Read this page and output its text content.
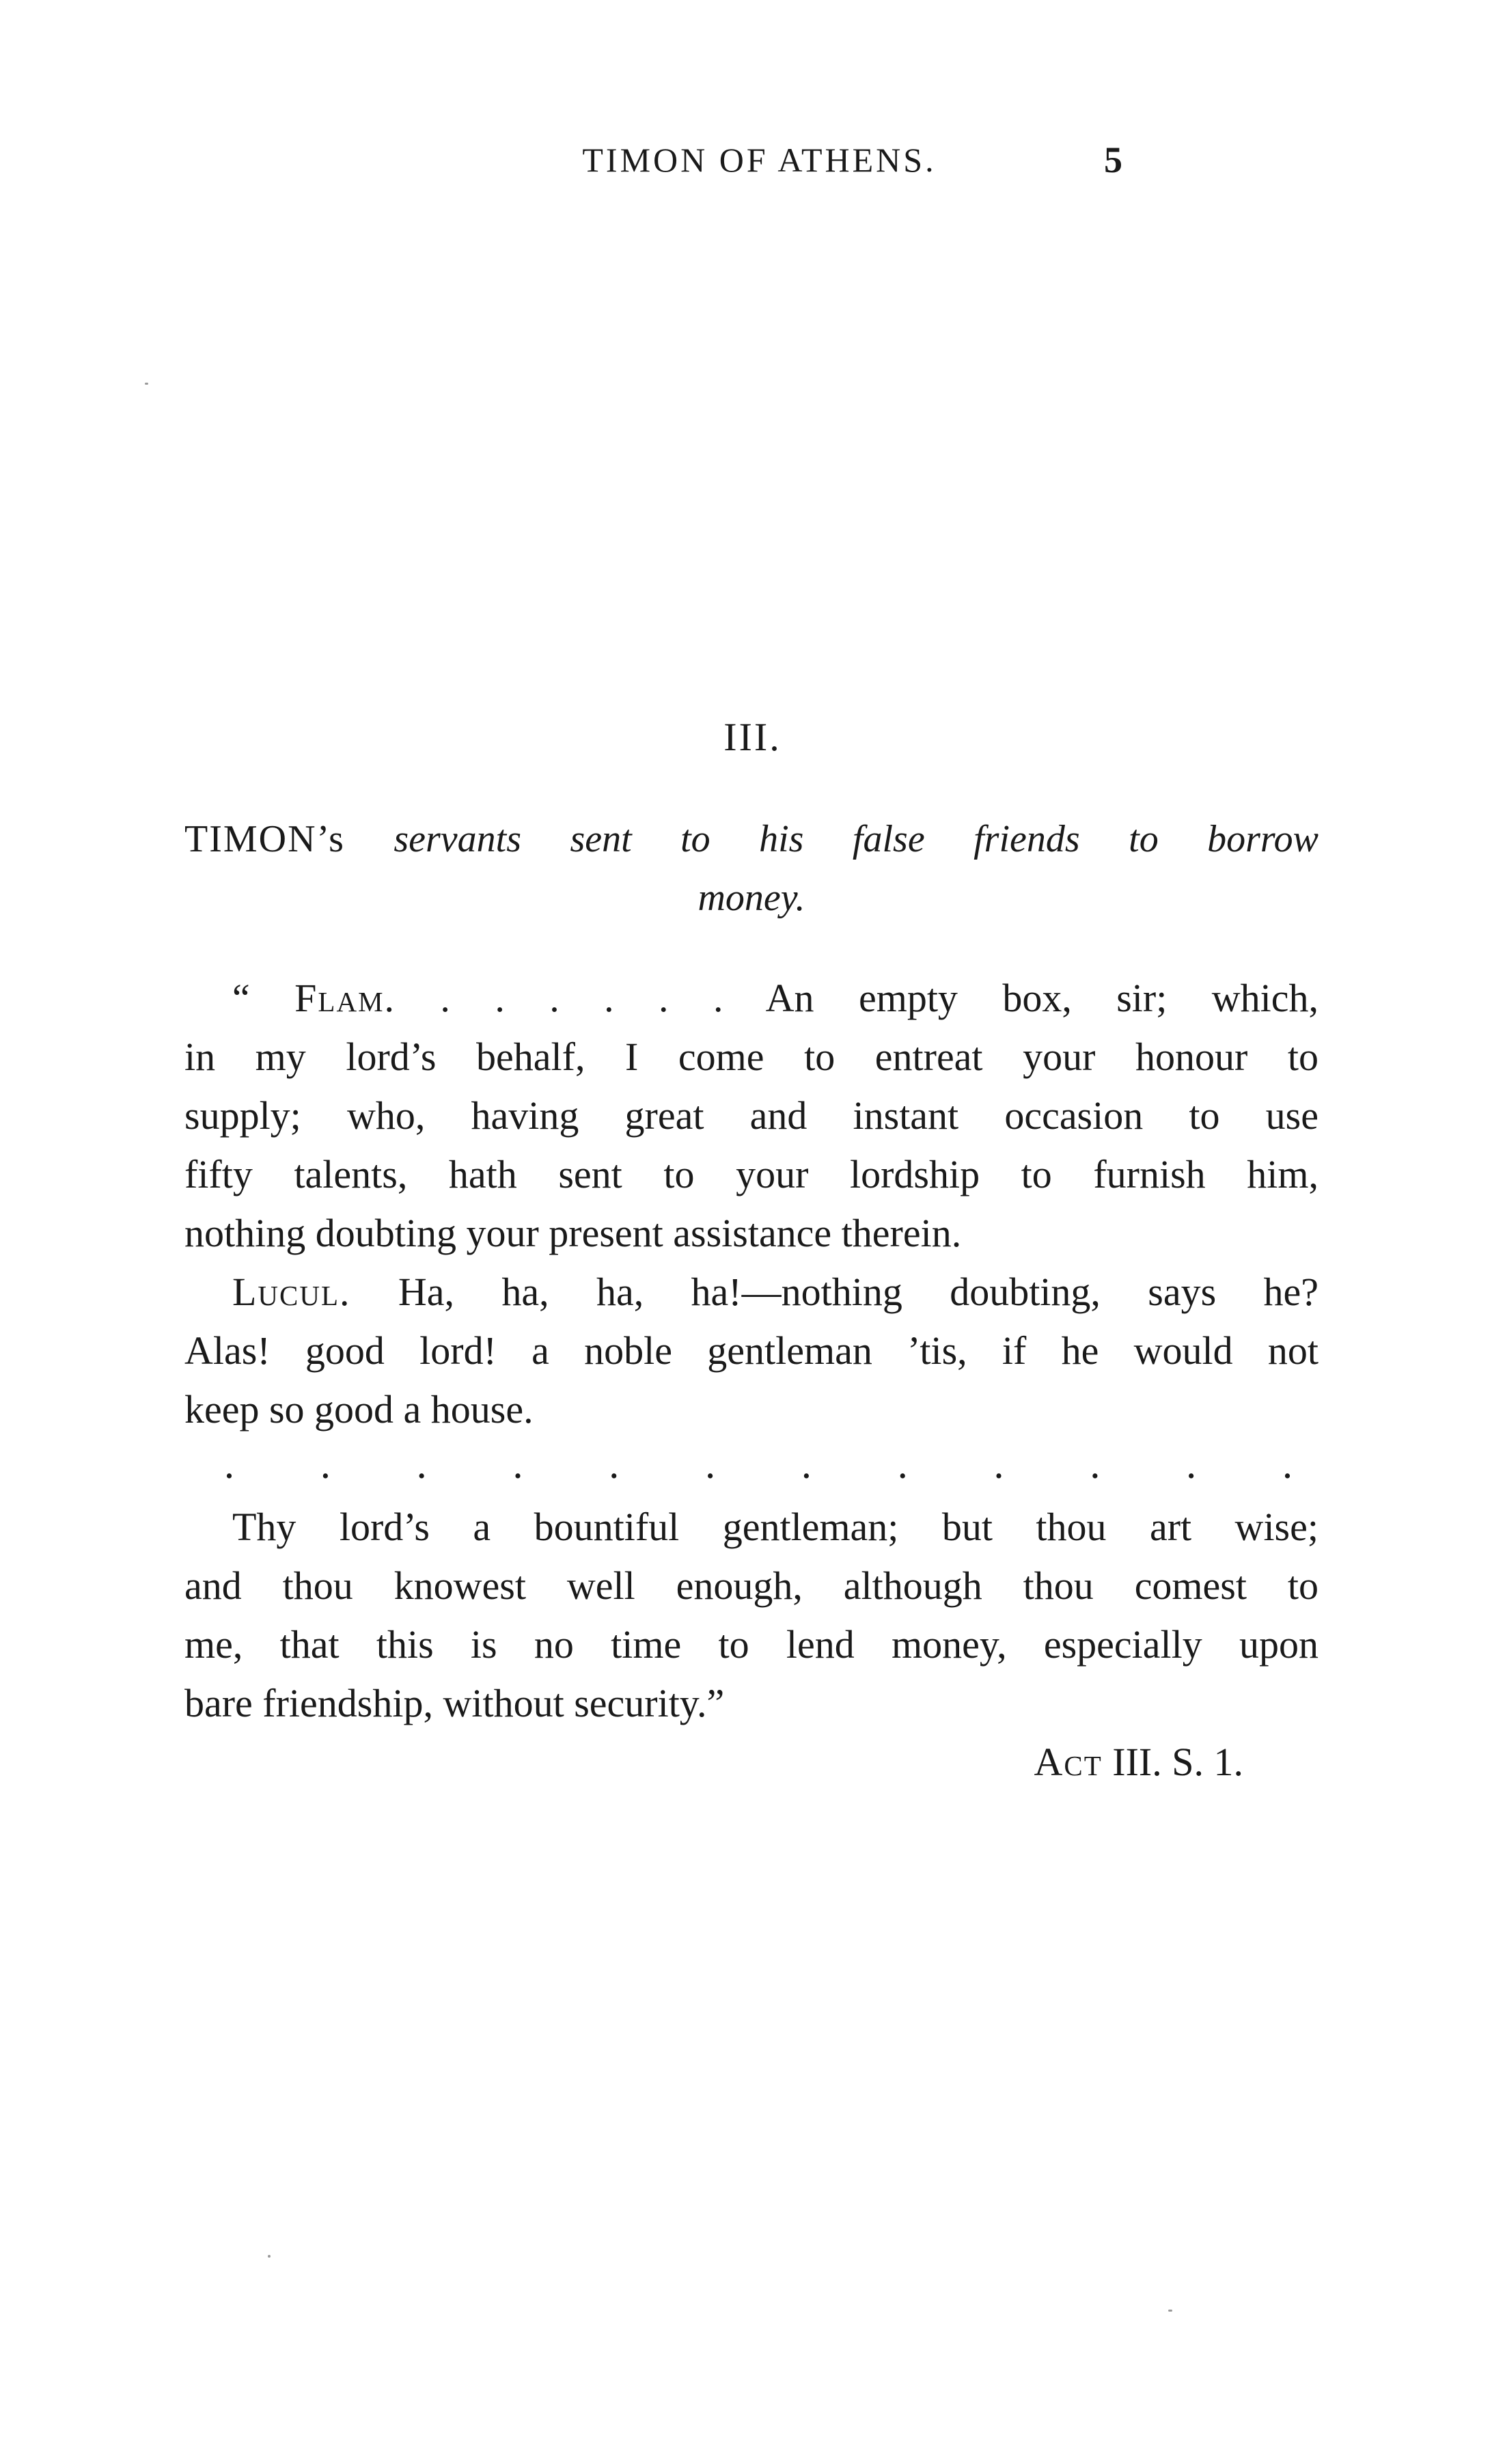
TIMON OF ATHENS.	5
III.
TIMON’s servants sent to his false friends to borrow
money.
“ Flam. . . . . . . An empty box, sir; which,
in my lord’s behalf, I come to entreat your honour to
supply; who, having great and instant occasion to use
fifty talents, hath sent to your lordship to furnish him,
nothing doubting your present assistance therein.
Lucul. Ha, ha, ha, ha!—nothing doubting, says he?
Alas! good lord! a noble gentleman ’tis, if he would not
keep so good a house.
.	.	.	.	.	.	.	.	.	.	.	.
Thy lord’s a bountiful gentleman; but thou art wise;
and thou knowest well enough, although thou comest to
me, that this is no time to lend money, especially upon
bare friendship, without security.”
Act III. S. 1.
